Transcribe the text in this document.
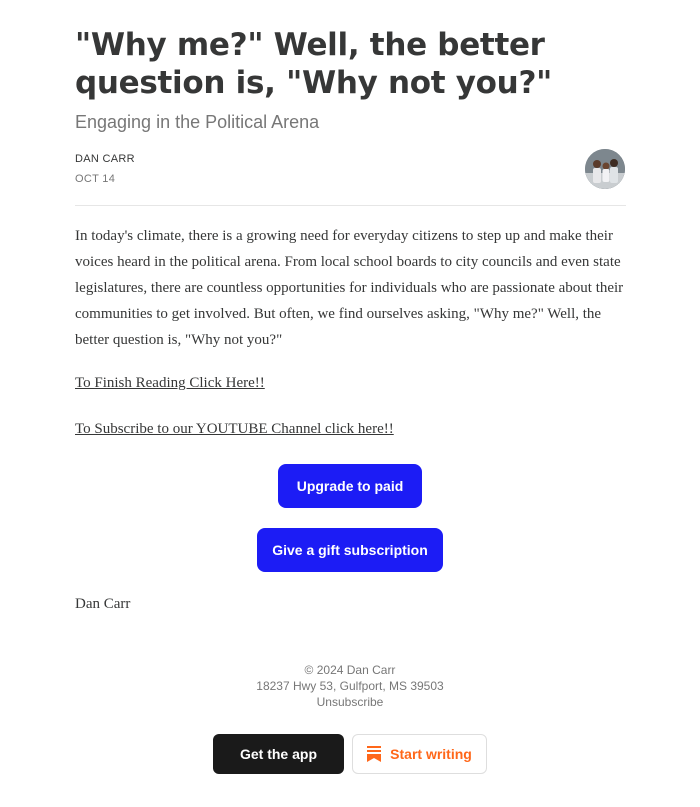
"Why me?" Well, the better question is, "Why not you?"
Engaging in the Political Arena
DAN CARR
OCT 14

In today's climate, there is a growing need for everyday citizens to step up and make their voices heard in the political arena. From local school boards to city councils and even state legislatures, there are countless opportunities for individuals who are passionate about their communities to get involved. But often, we find ourselves asking, "Why me?" Well, the better question is, "Why not you?"

To Finish Reading Click Here!!
To Subscribe to our YOUTUBE Channel click here!!
Upgrade to paid
Give a gift subscription
Dan Carr
© 2024 Dan Carr
18237 Hwy 53, Gulfport, MS 39503
Unsubscribe
Get the app	Start writing
